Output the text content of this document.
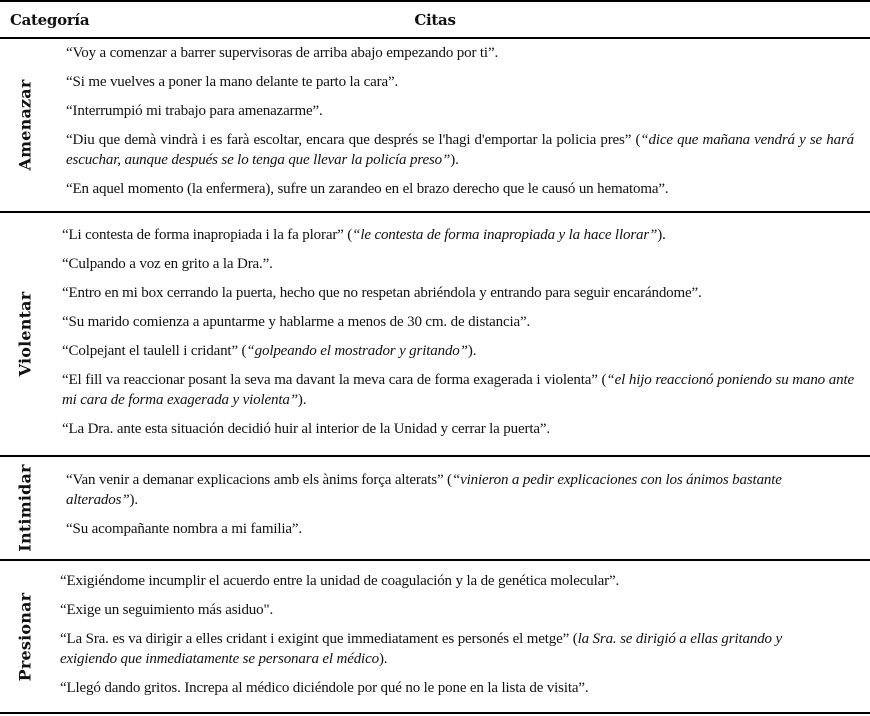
Categoría	Citas
Amenazar
“Voy a comenzar a barrer supervisoras de arriba abajo empezando por ti”.
“Si me vuelves a poner la mano delante te parto la cara”.
“Interrumpió mi trabajo para amenazarme”.
“Diu que demà vindrà i es farà escoltar, encara que després se l'hagi d'emportar la policia pres” (“dice que mañana vendrá y se hará escuchar, aunque después se lo tenga que llevar la policía preso”).
“En aquel momento (la enfermera), sufre un zarandeo en el brazo derecho que le causó un hematoma”.
Violentar
“Li contesta de forma inapropiada i la fa plorar” (“le contesta de forma inapropiada y la hace llorar”).
“Culpando a voz en grito a la Dra.”.
“Entro en mi box cerrando la puerta, hecho que no respetan abriéndola y entrando para seguir encarándome”.
“Su marido comienza a apuntarme y hablarme a menos de 30 cm. de distancia”.
“Colpejant el taulell i cridant” (“golpeando el mostrador y gritando”).
“El fill va reaccionar posant la seva ma davant la meva cara de forma exagerada i violenta” (“el hijo reaccionó poniendo su mano ante mi cara de forma exagerada y violenta”).
“La Dra. ante esta situación decidió huir al interior de la Unidad y cerrar la puerta”.
Intimidar “Van venir a demanar explicacions amb els ànims força alterats” (“vinieron a pedir explicaciones con los ánimos bastante alterados”).
“Su acompañante nombra a mi familia”.
Presionar
“Exigiéndome incumplir el acuerdo entre la unidad de coagulación y la de genética molecular”.
“Exige un seguimiento más asiduo".
“La Sra. es va dirigir a elles cridant i exigint que immediatament es personés el metge” (la Sra. se dirigió a ellas gritando y exigiendo que inmediatamente se personara el médico).
“Llegó dando gritos. Increpa al médico diciéndole por qué no le pone en la lista de visita”.
